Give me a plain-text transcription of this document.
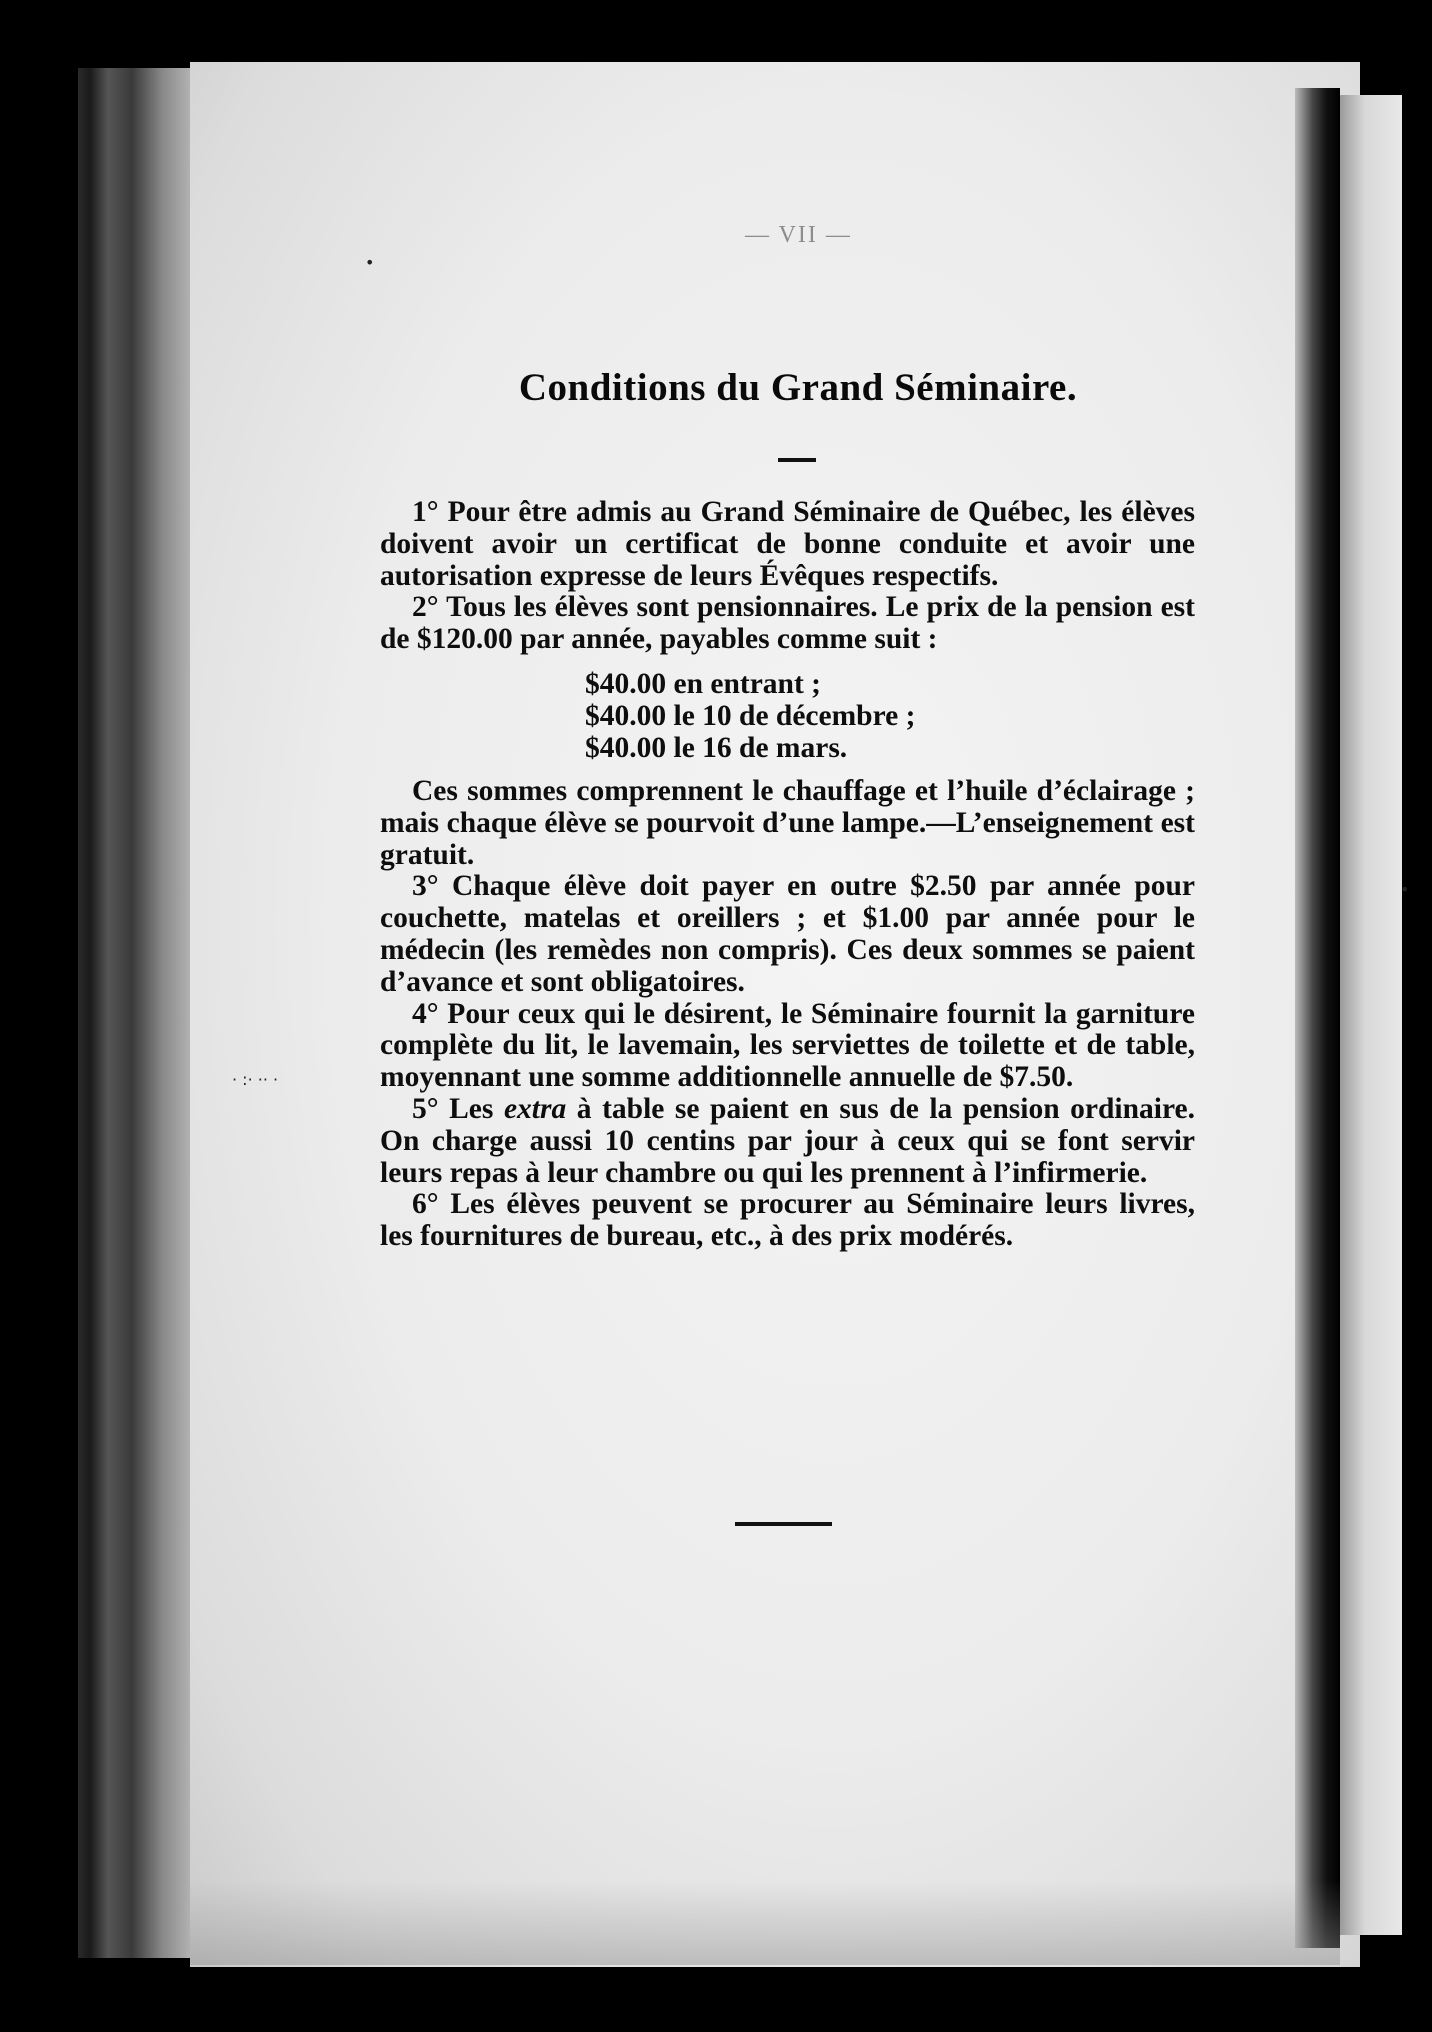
— VII —
Conditions du Grand Séminaire.

1° Pour être admis au Grand Séminaire de Québec, les élèves doivent avoir un certificat de bonne conduite et avoir une autorisation expresse de leurs Évêques respectifs.

2° Tous les élèves sont pensionnaires. Le prix de la pension est de $120.00 par année, payables comme suit :

$40.00 en entrant ;
$40.00 le 10 de décembre ;
$40.00 le 16 de mars.

Ces sommes comprennent le chauffage et l’huile d’éclairage ; mais chaque élève se pourvoit d’une lampe.—L’enseignement est gratuit.

3° Chaque élève doit payer en outre $2.50 par année pour couchette, matelas et oreillers ; et $1.00 par année pour le médecin (les remèdes non compris). Ces deux sommes se paient d’avance et sont obligatoires.

4° Pour ceux qui le désirent, le Séminaire fournit la garniture complète du lit, le lavemain, les serviettes de toilette et de table, moyennant une somme additionnelle annuelle de $7.50.

5° Les extra à table se paient en sus de la pension ordinaire. On charge aussi 10 centins par jour à ceux qui se font servir leurs repas à leur chambre ou qui les prennent à l’infirmerie.

6° Les élèves peuvent se procurer au Séminaire leurs livres, les fournitures de bureau, etc., à des prix modérés.

· :· ·· ·
•
•
